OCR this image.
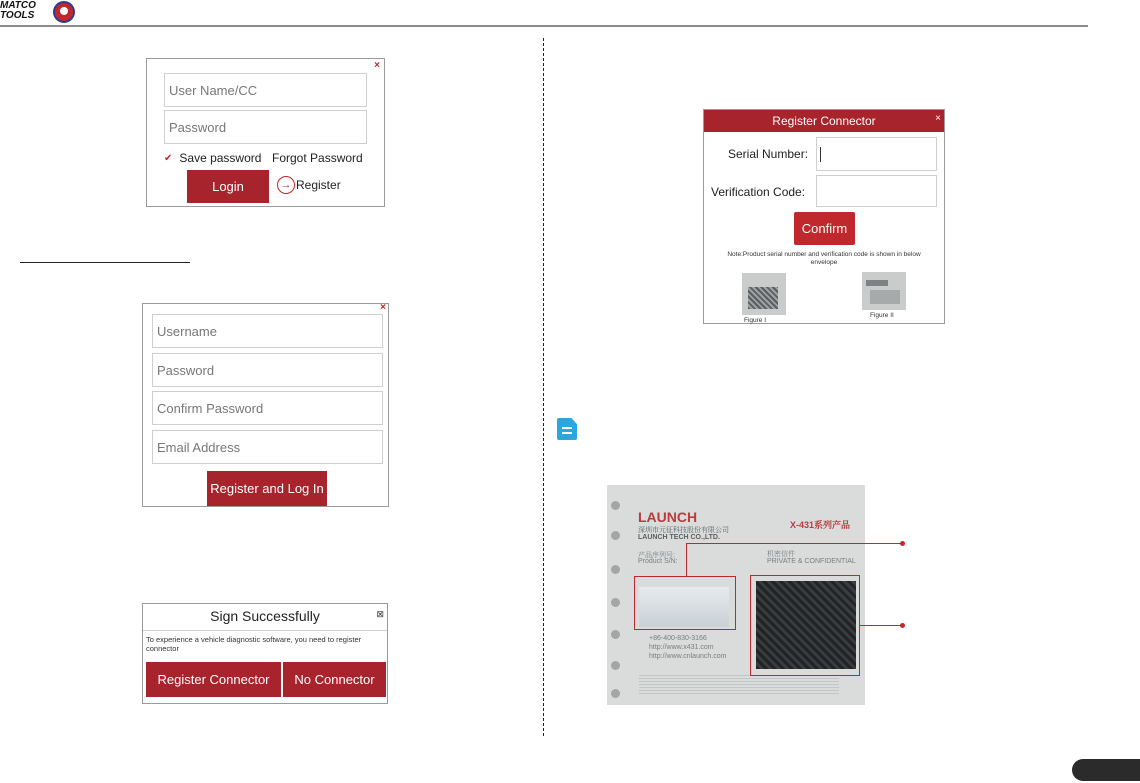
MATCO
TOOLS
×
User Name/CC
Password
✔ Save password Forgot Password
Login	→ Register
×
Username
Password
Confirm Password
Email Address
Register and Log In
Sign Successfully	⊠
To experience a vehicle diagnostic software, you need to register connector
Register Connector	No Connector
Register Connector	×
Serial Number:
Verification Code:
Confirm
Note:Product serial number and verification code is shown in below envelope
Figure I
Figure II
LAUNCH
深圳市元征科技股份有限公司
LAUNCH TECH CO.,LTD.
X-431系列产品
产品序列号:
Product S/N:
机密信件
PRIVATE & CONFIDENTIAL
+86-400-830-3166
http://www.x431.com
http://www.cnlaunch.com
